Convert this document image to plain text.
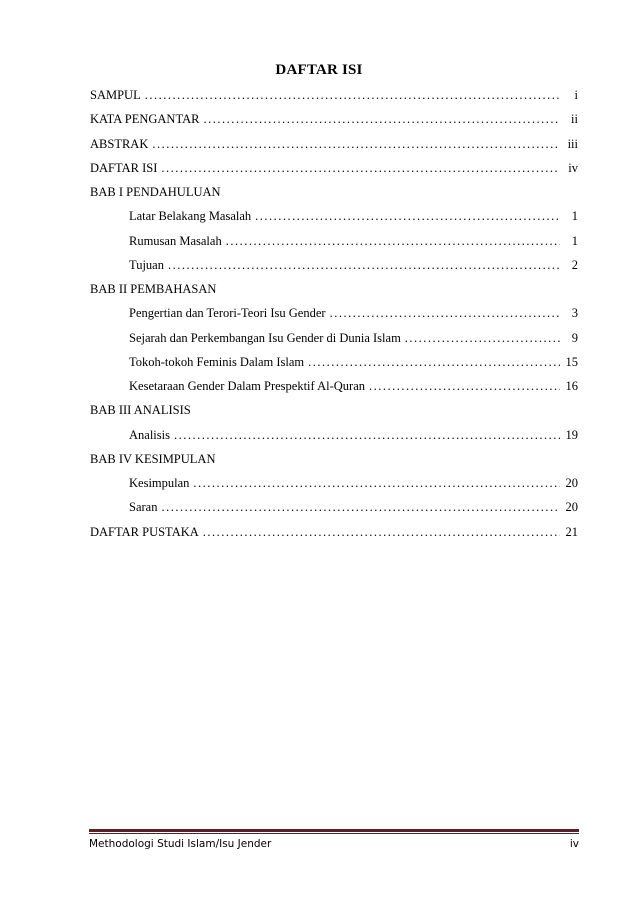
DAFTAR ISI
SAMPUL .....	i
KATA PENGANTAR .....	ii
ABSTRAK .....	iii
DAFTAR ISI .....	iv
BAB I PENDAHULUAN
Latar Belakang Masalah .....	1
Rumusan Masalah .....	1
Tujuan .....	2
BAB II PEMBAHASAN
Pengertian dan Terori-Teori Isu Gender .....	3
Sejarah dan Perkembangan Isu Gender di Dunia Islam .....	9
Tokoh-tokoh Feminis Dalam Islam .....	15
Kesetaraan Gender Dalam Prespektif Al-Quran .....	16
BAB III ANALISIS
Analisis .....	19
BAB IV KESIMPULAN
Kesimpulan .....	20
Saran .....	20
DAFTAR PUSTAKA .....	21
Methodologi Studi Islam/Isu Jender	iv
